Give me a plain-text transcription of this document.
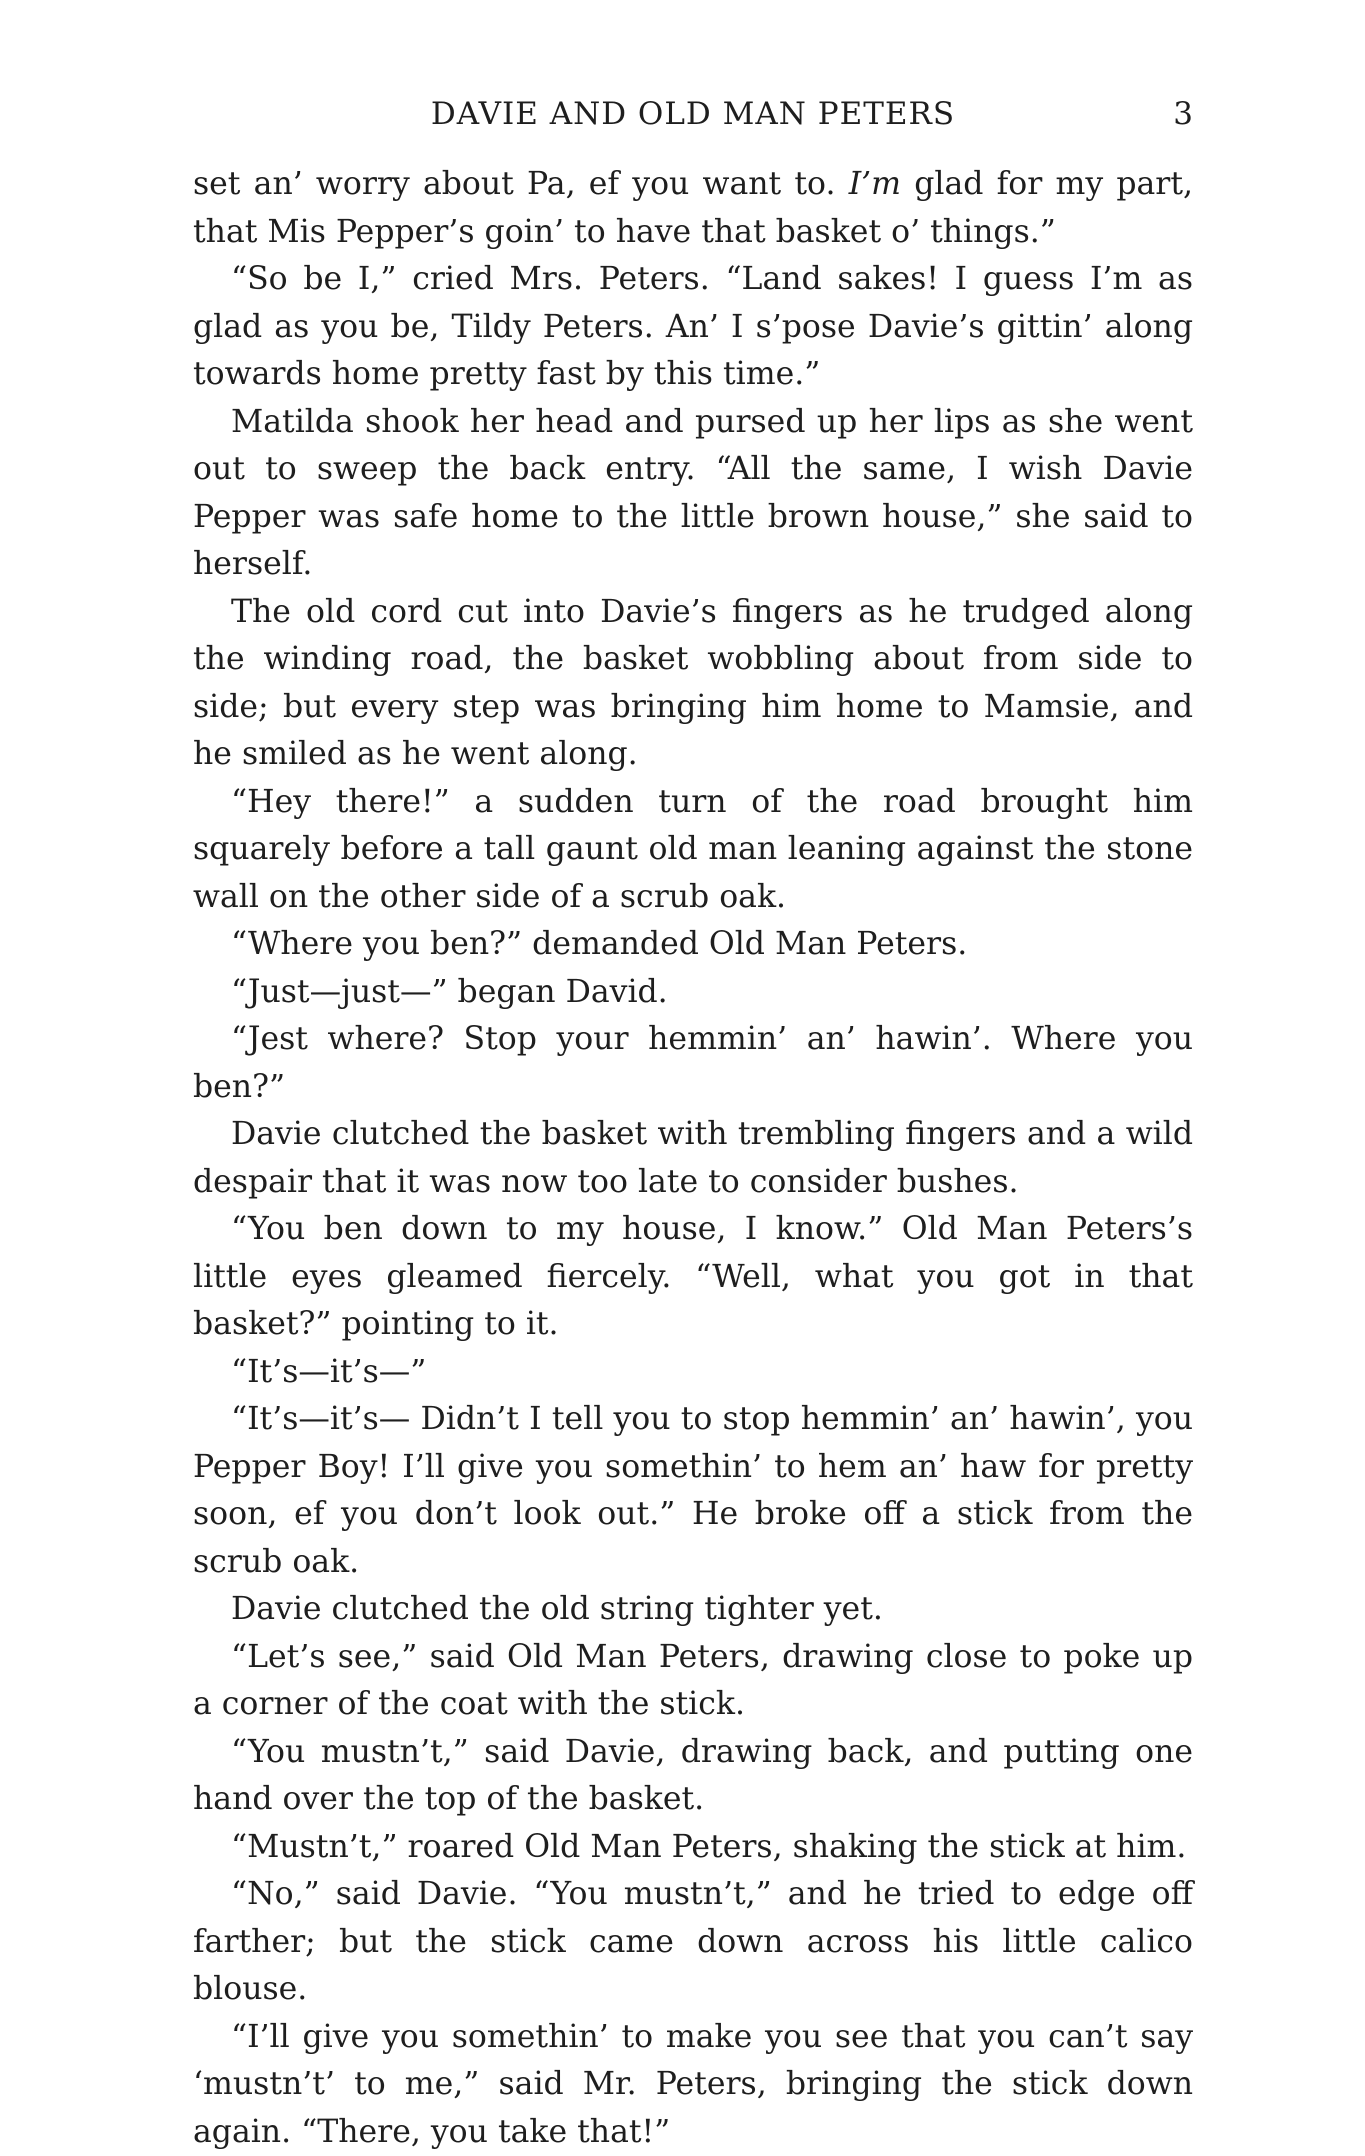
DAVIE AND OLD MAN PETERS	3

set an’ worry about Pa, ef you want to. I’m glad for my part, that Mis Pepper’s goin’ to have that basket o’ things.”

“So be I,” cried Mrs. Peters. “Land sakes! I guess I’m as glad as you be, Tildy Peters. An’ I s’pose Davie’s gittin’ along towards home pretty fast by this time.”

Matilda shook her head and pursed up her lips as she went out to sweep the back entry. “All the same, I wish Davie Pepper was safe home to the little brown house,” she said to herself.

The old cord cut into Davie’s fingers as he trudged along the winding road, the basket wobbling about from side to side; but every step was bringing him home to Mamsie, and he smiled as he went along.

“Hey there!” a sudden turn of the road brought him squarely before a tall gaunt old man leaning against the stone wall on the other side of a scrub oak.

“Where you ben?” demanded Old Man Peters.

“Just—just—” began David.

“Jest where? Stop your hemmin’ an’ hawin’. Where you ben?”

Davie clutched the basket with trembling fingers and a wild despair that it was now too late to consider bushes.

“You ben down to my house, I know.” Old Man Peters’s little eyes gleamed fiercely. “Well, what you got in that basket?” pointing to it.

“It’s—it’s—”

“It’s—it’s— Didn’t I tell you to stop hemmin’ an’ hawin’, you Pepper Boy! I’ll give you somethin’ to hem an’ haw for pretty soon, ef you don’t look out.” He broke off a stick from the scrub oak.

Davie clutched the old string tighter yet.

“Let’s see,” said Old Man Peters, drawing close to poke up a corner of the coat with the stick.

“You mustn’t,” said Davie, drawing back, and putting one hand over the top of the basket.

“Mustn’t,” roared Old Man Peters, shaking the stick at him.

“No,” said Davie. “You mustn’t,” and he tried to edge off farther; but the stick came down across his little calico blouse.

“I’ll give you somethin’ to make you see that you can’t say ‘mustn’t’ to me,” said Mr. Peters, bringing the stick down again. “There, you take that!”
